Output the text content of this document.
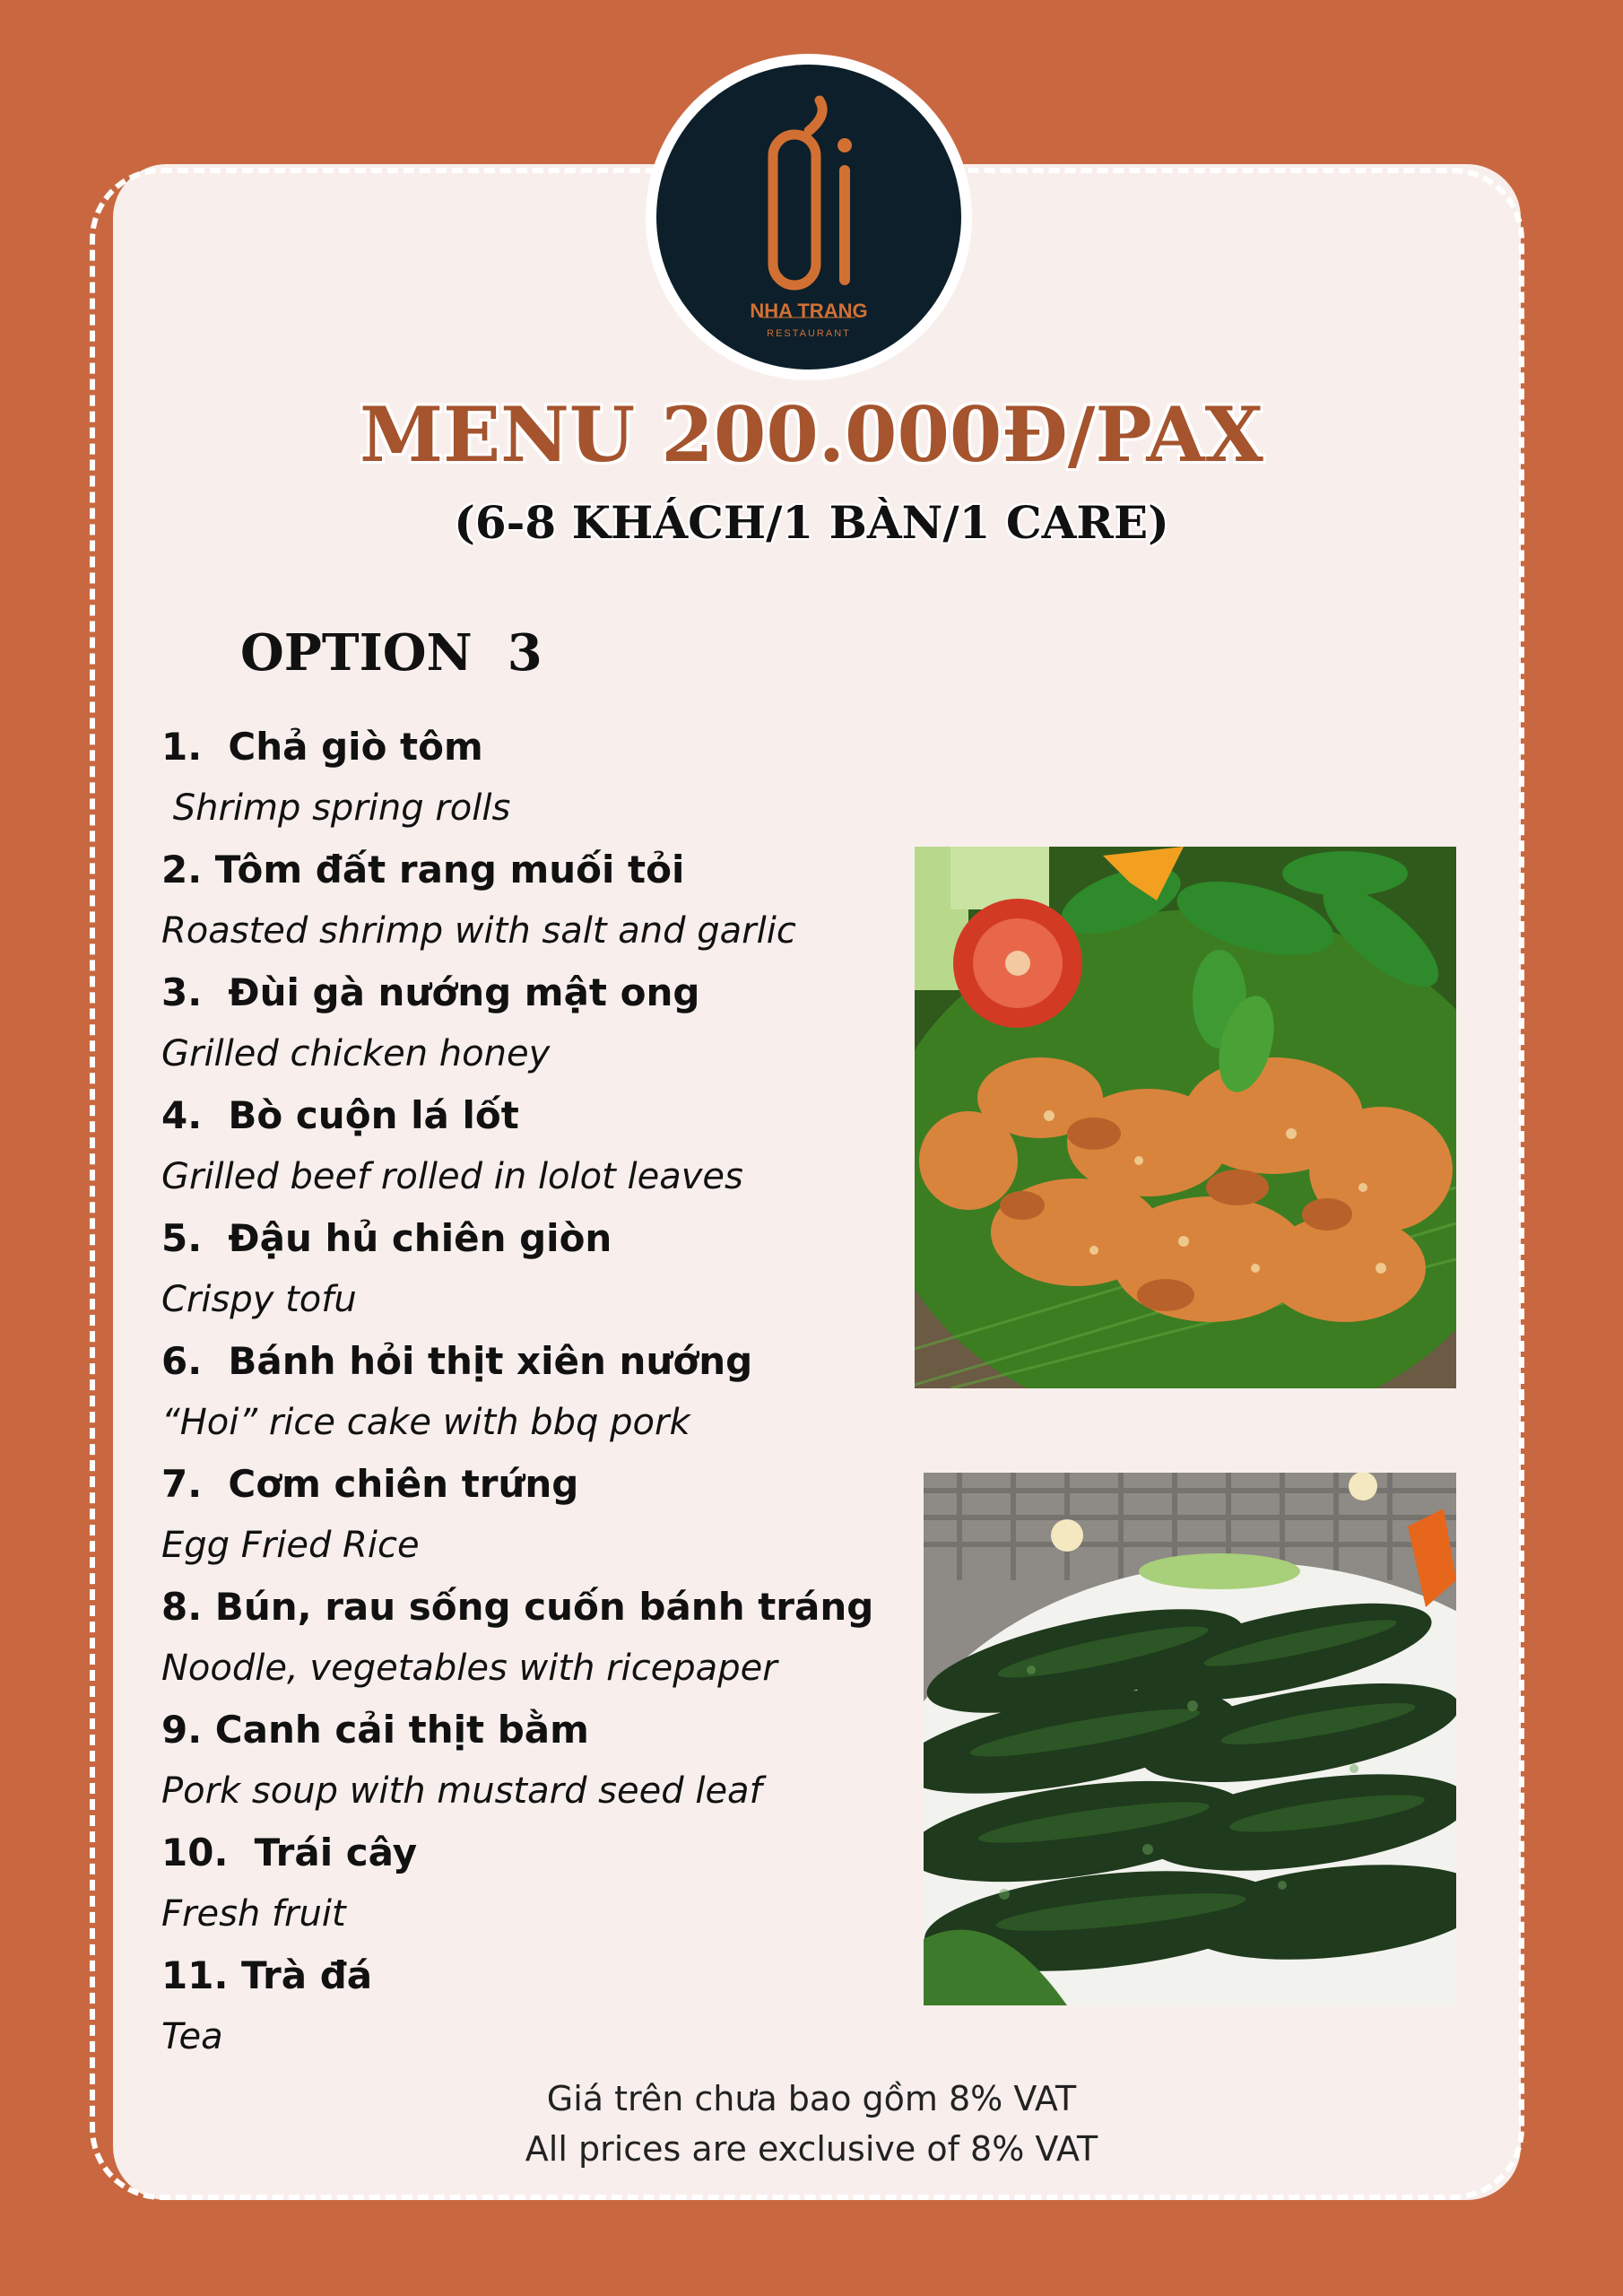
NHA TRANG
RESTAURANT
MENU 200.000Đ/PAX
(6-8 KHÁCH/1 BÀN/1 CARE)
OPTION  3
1.  Chả giò tôm
Shrimp spring rolls
2. Tôm đất rang muối tỏi
Roasted shrimp with salt and garlic
3.  Đùi gà nướng mật ong
Grilled chicken honey
4.  Bò cuộn lá lốt
Grilled beef rolled in lolot leaves
5.  Đậu hủ chiên giòn
Crispy tofu
6.  Bánh hỏi thịt xiên nướng
“Hoi” rice cake with bbq pork
7.  Cơm chiên trứng
Egg Fried Rice
8. Bún, rau sống cuốn bánh tráng
Noodle, vegetables with ricepaper
9. Canh cải thịt bằm
Pork soup with mustard seed leaf
10.  Trái cây
Fresh fruit
11. Trà đá
Tea
Giá trên chưa bao gồm 8% VAT
All prices are exclusive of 8% VAT
